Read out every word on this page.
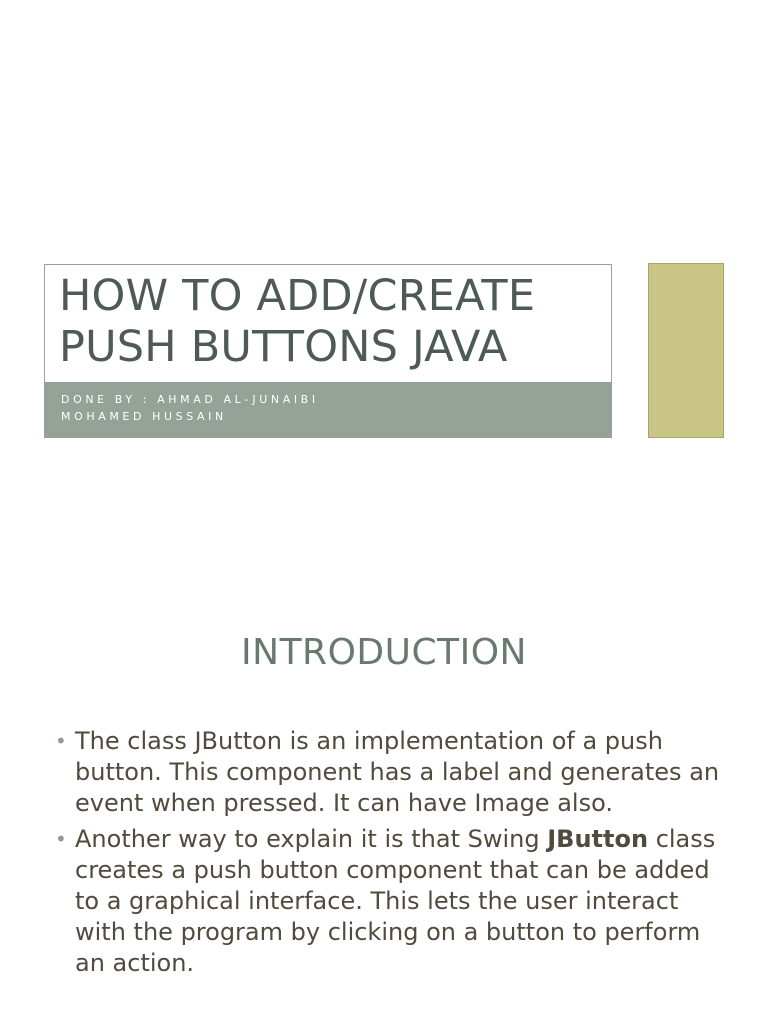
HOW TO ADD/CREATE
PUSH BUTTONS JAVA
DONE BY : AHMAD AL-JUNAIBI
MOHAMED HUSSAIN
INTRODUCTION
• The class JButton is an implementation of a push button. This component has a label and generates an event when pressed. It can have Image also.
• Another way to explain it is that Swing JButton class creates a push button component that can be added to a graphical interface. This lets the user interact with the program by clicking on a button to perform an action.
